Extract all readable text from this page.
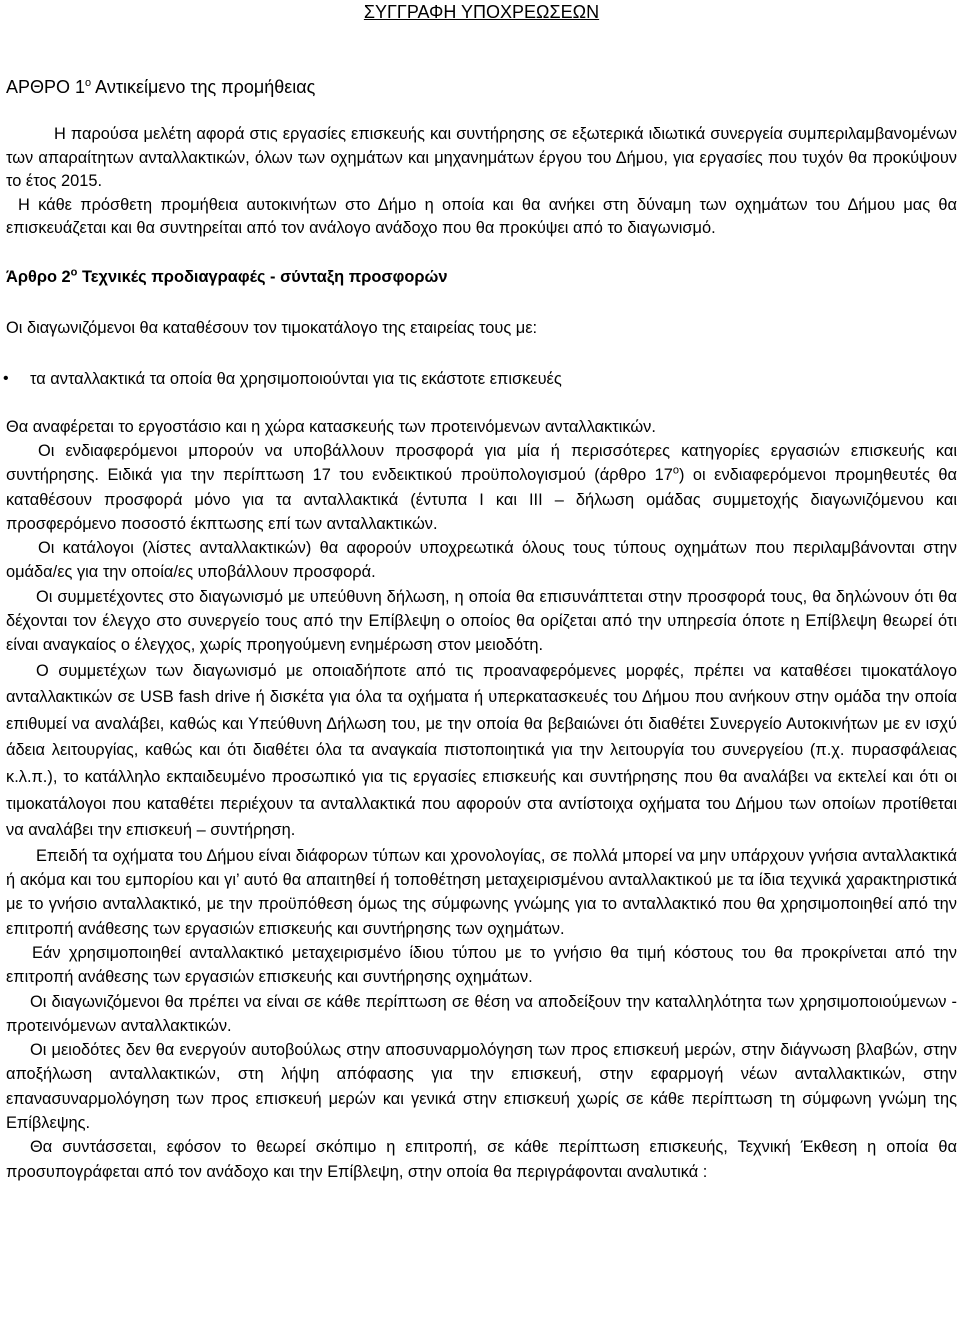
ΣΥΓΓΡΑΦΗ ΥΠΟΧΡΕΩΣΕΩΝ
ΑΡΘΡΟ $1^o$ Αντικείμενο της προμήθειας

Η παρούσα μελέτη αφορά στις εργασίες επισκευής και συντήρησης σε εξωτερικά ιδιωτικά συνεργεία συμπεριλαμβανομένων των απαραίτητων ανταλλακτικών, όλων των οχημάτων και μηχανημάτων έργου του Δήμου, για εργασίες που τυχόν θα προκύψουν το έτος 2015.

Η κάθε πρόσθετη προμήθεια αυτοκινήτων στο Δήμο η οποία και θα ανήκει στη δύναμη των οχημάτων του Δήμου μας θα επισκευάζεται και θα συντηρείται από τον ανάλογο ανάδοχο που θα προκύψει από το διαγωνισμό.

Άρθρο $2^o$ Τεχνικές προδιαγραφές - σύνταξη προσφορών

Οι διαγωνιζόμενοι θα καταθέσουν τον τιμοκατάλογο της εταιρείας τους με:

• τα ανταλλακτικά τα οποία θα χρησιμοποιούνται για τις εκάστοτε επισκευές

Θα αναφέρεται το εργοστάσιο και η χώρα κατασκευής των προτεινόμενων ανταλλακτικών.

Οι ενδιαφερόμενοι μπορούν να υποβάλλουν προσφορά για μία ή περισσότερες κατηγορίες εργασιών επισκευής και συντήρησης. Ειδικά για την περίπτωση 17 του ενδεικτικού προϋπολογισμού (άρθρο $17^o$) οι ενδιαφερόμενοι προμηθευτές θα καταθέσουν προσφορά μόνο για τα ανταλλακτικά (έντυπα Ι και ΙΙΙ – δήλωση ομάδας συμμετοχής διαγωνιζόμενου και προσφερόμενο ποσοστό έκπτωσης επί των ανταλλακτικών.

Οι κατάλογοι (λίστες ανταλλακτικών) θα αφορούν υποχρεωτικά όλους τους τύπους οχημάτων που περιλαμβάνονται στην ομάδα/ες για την οποία/ες υποβάλλουν προσφορά.

Οι συμμετέχοντες στο διαγωνισμό με υπεύθυνη δήλωση, η οποία θα επισυνάπτεται στην προσφορά τους, θα δηλώνουν ότι θα δέχονται τον έλεγχο στο συνεργείο τους από την Επίβλεψη ο οποίος θα ορίζεται από την υπηρεσία όποτε η Επίβλεψη θεωρεί ότι είναι αναγκαίος ο έλεγχος, χωρίς προηγούμενη ενημέρωση στον μειοδότη.

Ο συμμετέχων των διαγωνισμό με οποιαδήποτε από τις προαναφερόμενες μορφές, πρέπει να καταθέσει τιμοκατάλογο ανταλλακτικών σε USB fash drive ή δισκέτα για όλα τα οχήματα ή υπερκατασκευές του Δήμου που ανήκουν στην ομάδα την οποία επιθυμεί να αναλάβει, καθώς και Υπεύθυνη Δήλωση του, με την οποία θα βεβαιώνει ότι διαθέτει Συνεργείο Αυτοκινήτων με εν ισχύ άδεια λειτουργίας, καθώς και ότι διαθέτει όλα τα αναγκαία πιστοποιητικά για την λειτουργία του συνεργείου (π.χ. πυρασφάλειας κ.λ.π.), το κατάλληλο εκπαιδευμένο προσωπικό για τις εργασίες επισκευής και συντήρησης που θα αναλάβει να εκτελεί και ότι οι τιμοκατάλογοι που καταθέτει περιέχουν τα ανταλλακτικά που αφορούν στα αντίστοιχα οχήματα του Δήμου των οποίων προτίθεται να αναλάβει την επισκευή – συντήρηση.

Επειδή τα οχήματα του Δήμου είναι διάφορων τύπων και χρονολογίας, σε πολλά μπορεί να μην υπάρχουν γνήσια ανταλλακτικά ή ακόμα και του εμπορίου και γι’ αυτό θα απαιτηθεί ή τοποθέτηση μεταχειρισμένου ανταλλακτικού με τα ίδια τεχνικά χαρακτηριστικά με το γνήσιο ανταλλακτικό, με την προϋπόθεση όμως της σύμφωνης γνώμης για το ανταλλακτικό που θα χρησιμοποιηθεί από την επιτροπή ανάθεσης των εργασιών επισκευής και συντήρησης των οχημάτων.

Εάν χρησιμοποιηθεί ανταλλακτικό μεταχειρισμένο ίδιου τύπου με το γνήσιο θα τιμή κόστους του θα προκρίνεται από την επιτροπή ανάθεσης των εργασιών επισκευής και συντήρησης οχημάτων.

Οι διαγωνιζόμενοι θα πρέπει να είναι σε κάθε περίπτωση σε θέση να αποδείξουν την καταλληλότητα των χρησιμοποιούμενων - προτεινόμενων ανταλλακτικών.

Οι μειοδότες δεν θα ενεργούν αυτοβούλως στην αποσυναρμολόγηση των προς επισκευή μερών, στην διάγνωση βλαβών, στην αποξήλωση ανταλλακτικών, στη λήψη απόφασης για την επισκευή, στην εφαρμογή νέων ανταλλακτικών, στην επανασυναρμολόγηση των προς επισκευή μερών και γενικά στην επισκευή χωρίς σε κάθε περίπτωση τη σύμφωνη γνώμη της Επίβλεψης.

Θα συντάσσεται, εφόσον το θεωρεί σκόπιμο η επιτροπή, σε κάθε περίπτωση επισκευής, Τεχνική Έκθεση η οποία θα προσυπογράφεται από τον ανάδοχο και την Επίβλεψη, στην οποία θα περιγράφονται αναλυτικά :
